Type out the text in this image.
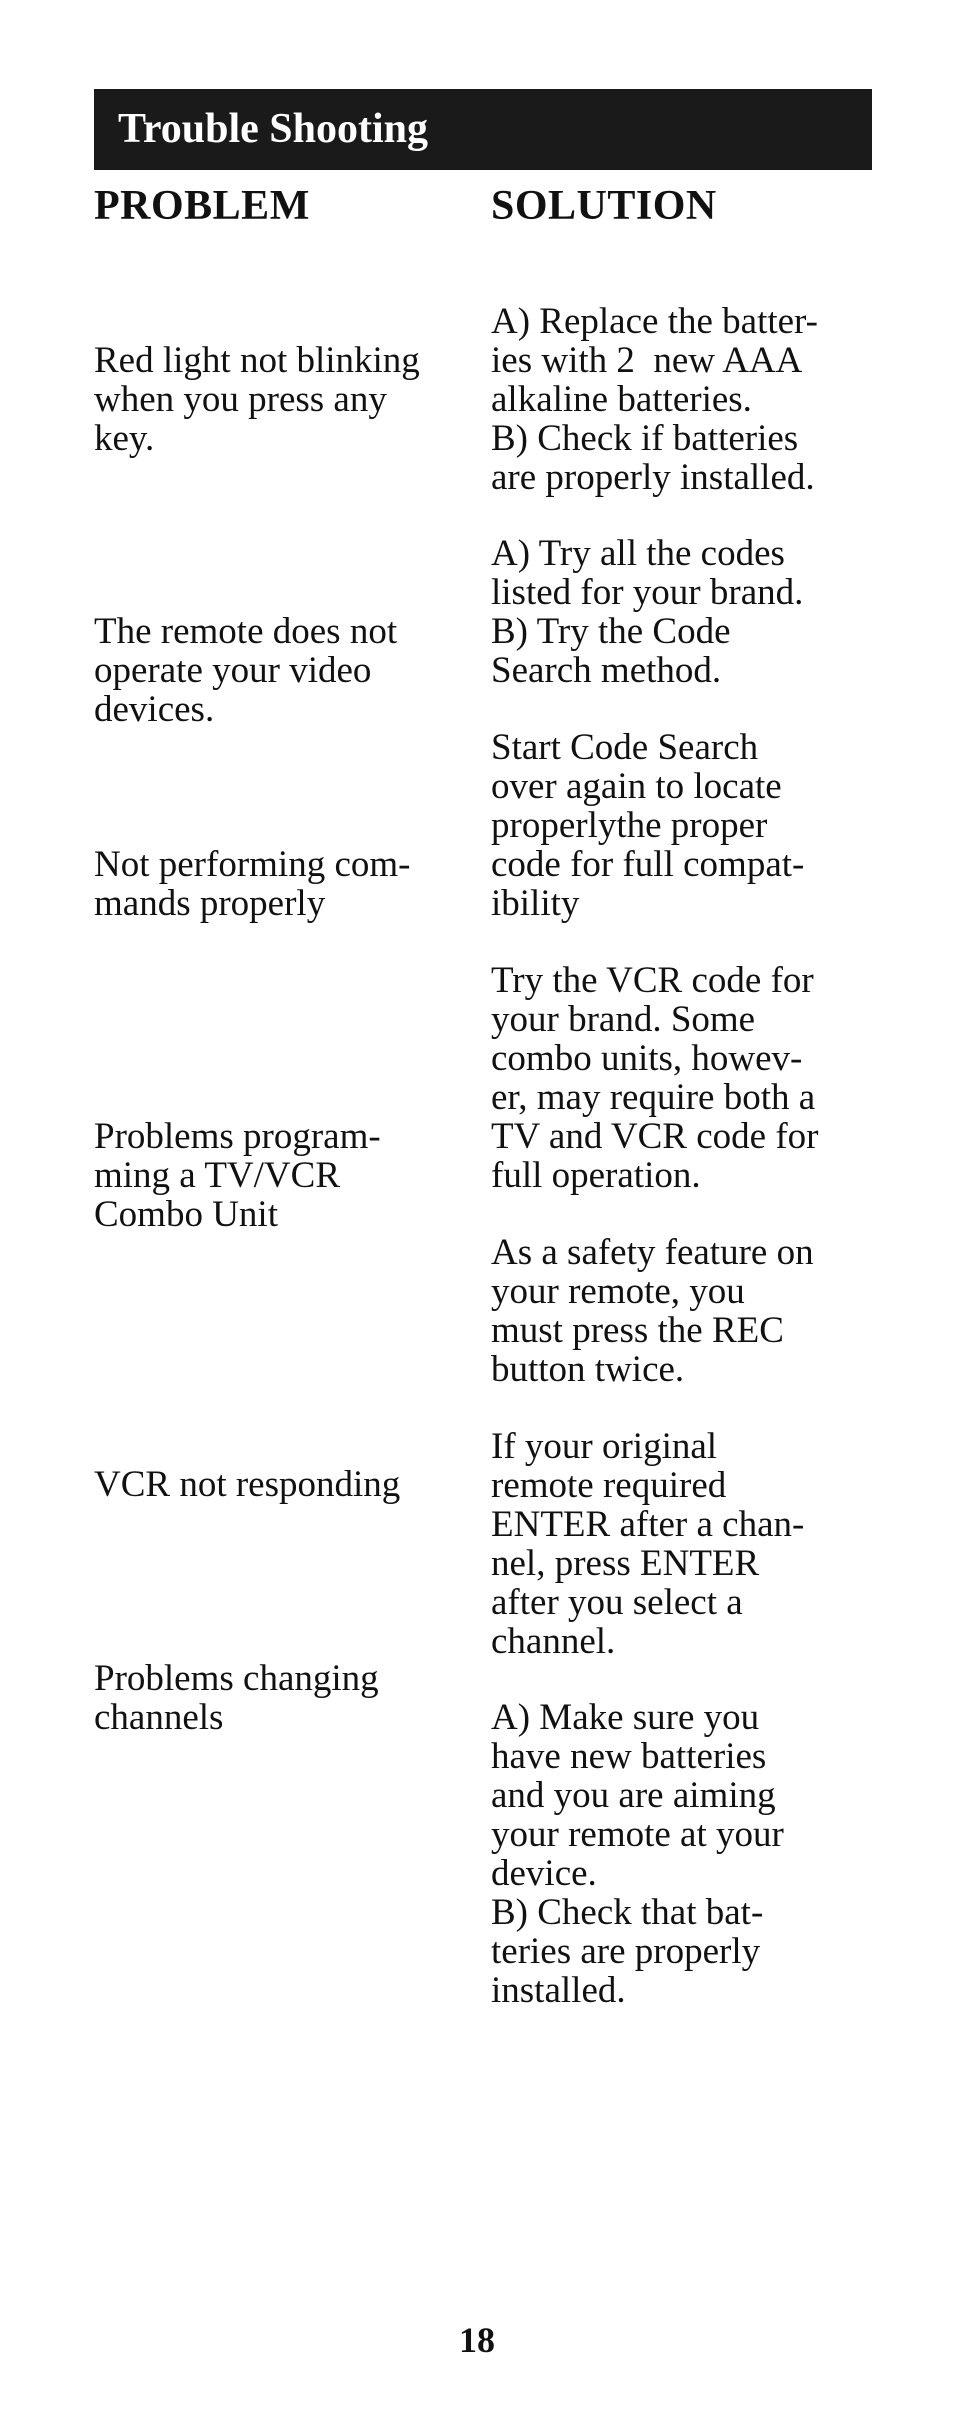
Trouble Shooting
PROBLEM	SOLUTION
Red light not blinking
when you press any
key.
A) Replace the batter-
ies with 2  new AAA
alkaline batteries.
B) Check if batteries
are properly installed.
The remote does not
operate your video
devices.
A) Try all the codes
listed for your brand.
B) Try the Code
Search method.
Not performing com-
mands properly
Start Code Search
over again to locate
properlythe proper
code for full compat-
ibility
Problems program-
ming a TV/VCR
Combo Unit
Try the VCR code for
your brand. Some
combo units, howev-
er, may require both a
TV and VCR code for
full operation.
As a safety feature on
your remote, you
must press the REC
button twice.
VCR not responding
If your original
remote required
ENTER after a chan-
nel, press ENTER
after you select a
channel.
Problems changing
channels	A) Make sure you
have new batteries
and you are aiming
your remote at your
device.
B) Check that bat-
teries are properly
installed.
18
